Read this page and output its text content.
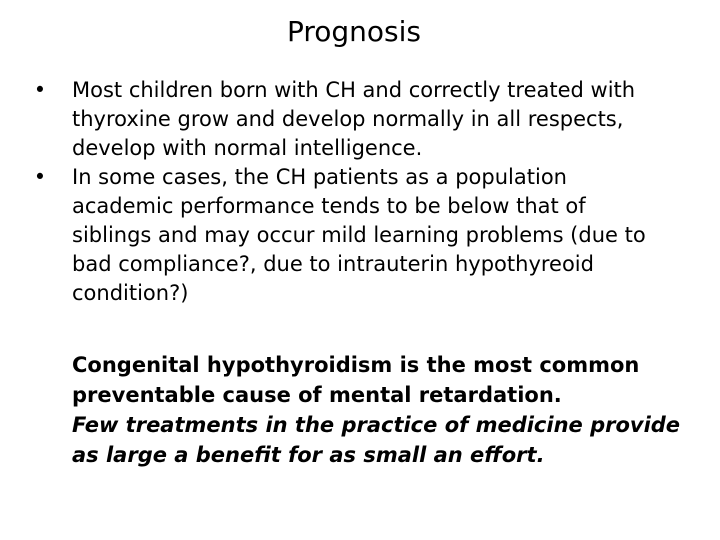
Prognosis
• Most children born with CH and correctly treated with thyroxine grow and develop normally in all respects, develop with normal intelligence.
• In some cases, the CH patients as a population academic performance tends to be below that of siblings and may occur mild learning problems (due to bad compliance?, due to intrauterin hypothyreoid condition?)

Congenital hypothyroidism is the most common preventable cause of mental retardation.

Few treatments in the practice of medicine provide as large a benefit for as small an effort.
